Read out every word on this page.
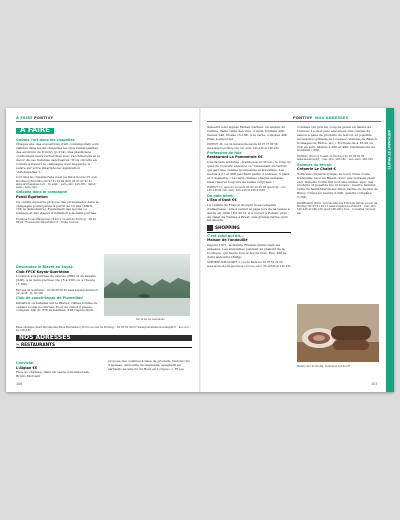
À FAIRE PONTIVY
À FAIRE
Goûtez l'art dans les chapelles

Chaque été, des expositions d'art contemporain sont visibles dans les 20 chapelles les plus remarquables des environs de Pontivy (p.214). Des plasticiens confrontent leurs recherches avec l'architecture et le décor de ces humbles sanctuaires. Trois circuits en voiture à travers la campagne sont suggérés, à suivre sur votre smartphone (application "Artchapelles").

L'Art dans les chapelles Ferté ouest Les Bains-Gourlan Ft, quai Pronbisurg Pontofliou 02 97 51 91 39 (Ent) 02 97 07 97 31 www.artchapelles.com · mi-sept. : sam.-dim. 14h-19h ; début sept. : sam.-dim.
Galopez dans la campagne
Pondi Équitation

Ce centre équestre propose des promenades dans la campagne pontivyenne à partir de 12 ans (18€/h, 15€ la demi-heure). Également des leçons ou manège et des stages d'initiation à la demi-journée.

Fontaine Fouas Malguénac (8 km à l'ouest de Pontivy) · 06 61 83 29 73 www.pondiequitation.fr · Toute l'année
Sur le bo de Guerlédan
Descendez le Blavet en kayak
Club FFCK Kayak-Guerlédan

Location à la journée de canoës (38€) et de kayaks (22€), à la demi-journée (de 15 à 25€) ou à l'heure (7-10€).

Barrage de Guerlédan · 02 96 28 00 00 www.kayakguerledan.fr · juil.-août : tlj, 9h-19h
Club de canoë-kayak de Plumelliau

Initiation ou balades sur le Blavet, visites fondée de canaux locale nocturnes. Pour un canot 2 places, comptez 12€ /h, 37€ la matinée, 22€ l'après-midi.

Base nautique Saint-Nicolas-des-Eaux Plumelliau (15 km au sud de Pontivy) · 02 97 51 90 57 www.plumelliaucanoekayak.fr · avr.-oct. : tlj, 10h-18h
NOS ADRESSES
✂ RESTAURANTS
Convivial
L'Aiglon €€

Face au château, dans un cadre contemporain, Bruno Morvant

propose des cuisines à base de produits bretons (riz d'agneau, andouille de Guémené, spaghetti au sarrasin, escargots du Bout en Longue...). Et les

106
PONTIVY NOS ADRESSES
ARTICHAUT ET FRUITS

desserts sont signés Fabien Carnier, un ancien du Celtine. Belle carte des vins. À midi, formule 20€, menus 24€. Pizzas 15-16€. À la carte, comptez 40€. Plats à emporter.

PONTIVY 40, rue de Général-de-Gaulle 02 97 27 89 58 www.laiglon-pontivy.com lun.-sam. 12h-14h et 19h-22h
Profession de foie
Restaurant La Pommeraie €€

Une façade acidulée - framboise et citron - le long du quai du Couvent annonce ce "restaurant du terroir qui sert une cuisine gourmande et travaillée. Les menus à 21 et 26€ (enchant parmi 3 entrées, 3 plats et 3 desserts) ! La carte change chaque semaine, mais réserve toujours de belles surprises !

PONTIVY 17, quai du Couvent 02 97 25 60 09 quai17@... lun. 12h-14h30 mar.-sam. 12h-14h et 19h-21h30
Du pain bénit
L'Eau d'Oust €€

La cuisine de Franck Stoupin nous remplira d'allégresse : elle a séduit le pape lors de sa venue à Auray en 1996 ! En 2012, il a ouvert à Rohan, près du canal de Nantes à Brest, une grande ferme dont les abords

SHOPPING
C'est celui qui dit...
Maison de l'andouille

Depuis 1971, la famille Rivalan-Quidu tient les anneaux. Les andouilles pendent au plafond de la boutique, qui fleure bon le feu de bois. Env. 23€ la demi andouille (300g).

GUÉMENÉ-SUR-SCORFF 1, rue de Bellevue 02 97 51 21 09 www.andouille-de-guemene.com lun.-sam. 9h-12h30 et 14h-19h

volumes ont pris un coup de jeune en lisière de l'écluse. Le chef puis amoureux une cuisine de saison à base de produits du terroir, et possible accessoire (pintade de Loudéac, viandes de Baizon, fromages de Réfou, etc.). Formule du à 18,50 ou 21€ en sem. Menus à 36€ et 49€. Déclinaisons de bonnard / 30€.

ROHAN (18 km à l'ouest de Pontivy) 02 97 38 91 86 www.leaudoust.fr · mer.-dim. 12h-14h ; ven.-sam. 19h-21h
Saveurs du terroir
Crêperie Le Chalet €

Voilà une crêperie sympa, au bord d'une route tranquille, face au Blavet, avec une terrasse plein sud. Isabelle Collin fait tout elle-même, avec des produits et possible bio et locaux : beurre fermier, cidre de Saint-Martin-sur-Oust, farine du moulin de Buloy. Crêpe au beurre 2,50€, galette complète 5,70€.

PLUMELLIAU (8 km, promenade des Entrants (Allow va sud de Pontivy) 02 97 51 91 17 www.creperie-le-chalet.fr · mer.-dim. 12h-14h et 19h-21h (sauf 19h-22h) hors : consultez l'annuel par.
Maison de l'andouille, Guémené-sur-Scorff
107
